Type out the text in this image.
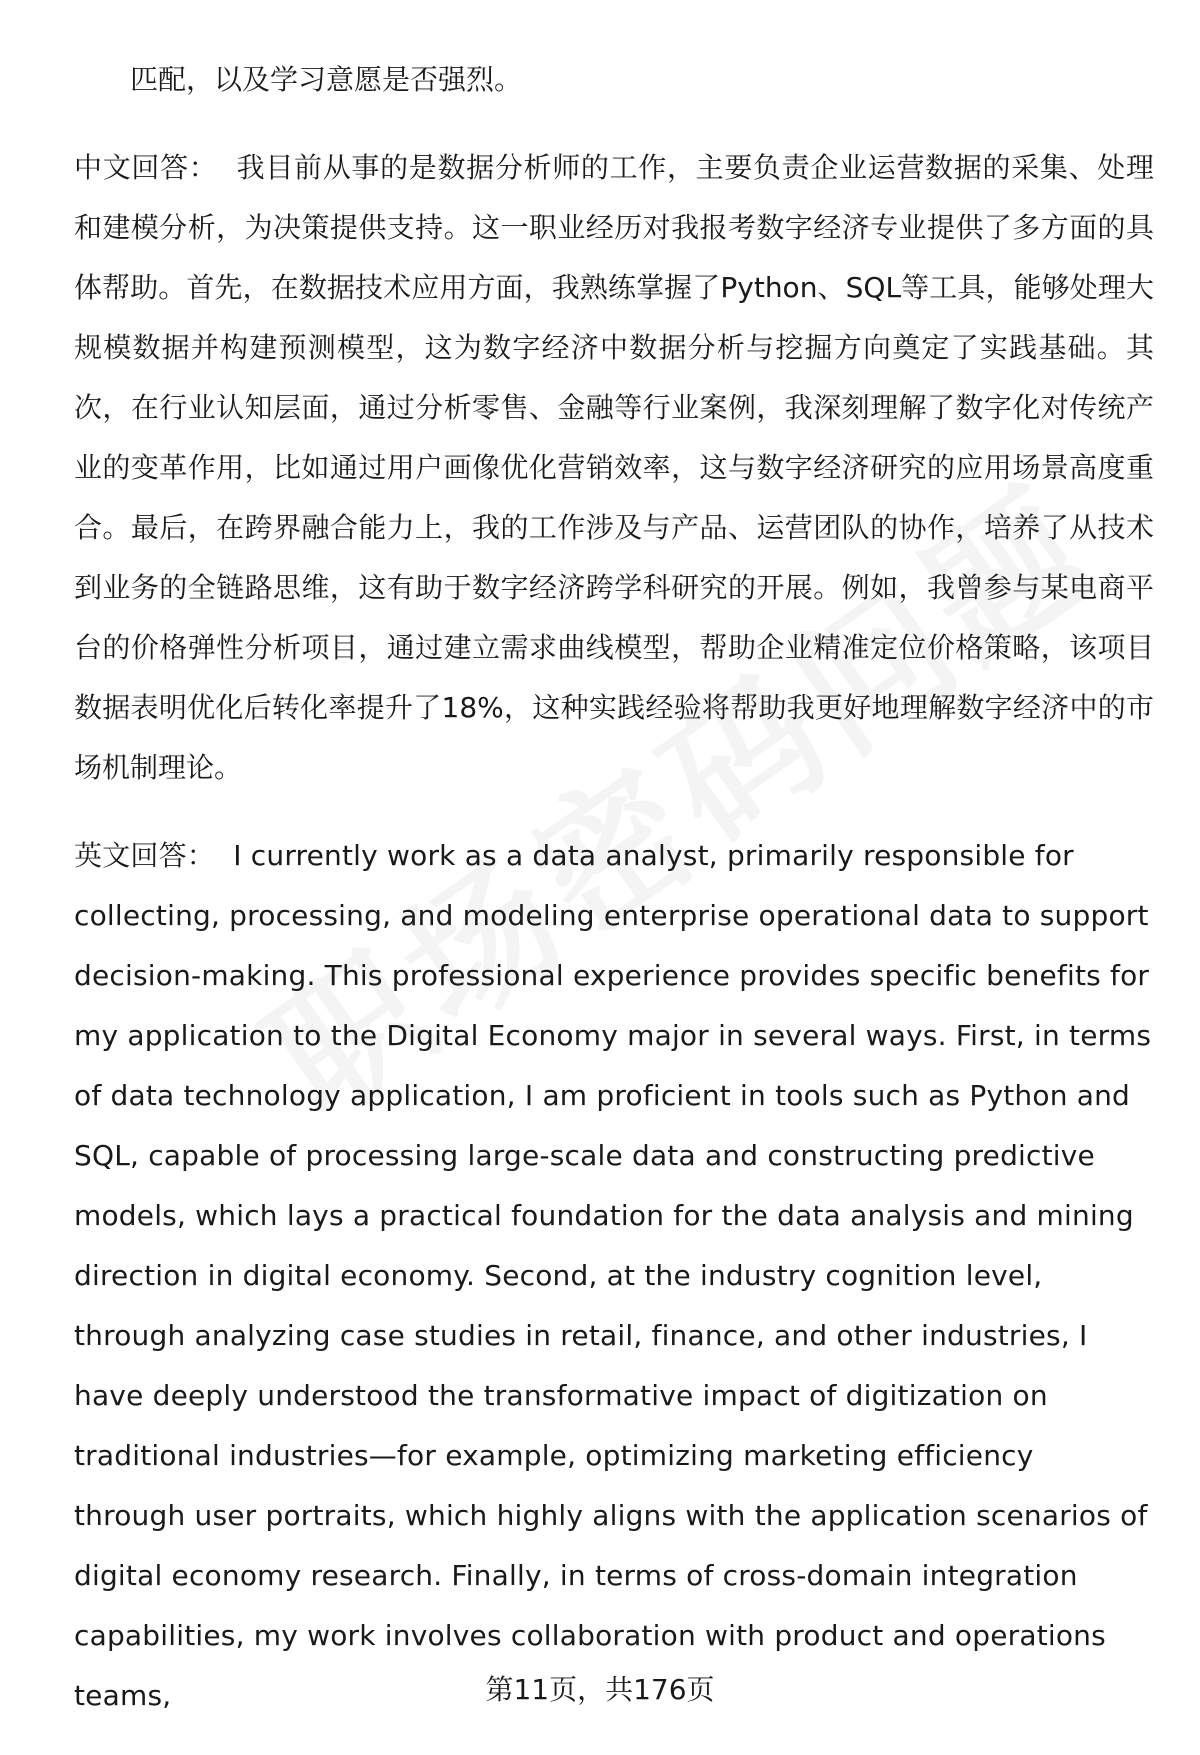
匹配，以及学习意愿是否强烈。

中文回答： 我目前从事的是数据分析师的工作，主要负责企业运营数据的采集、处理和建模分析，为决策提供支持。这一职业经历对我报考数字经济专业提供了多方面的具体帮助。首先，在数据技术应用方面，我熟练掌握了Python、SQL等工具，能够处理大规模数据并构建预测模型，这为数字经济中数据分析与挖掘方向奠定了实践基础。其次，在行业认知层面，通过分析零售、金融等行业案例，我深刻理解了数字化对传统产业的变革作用，比如通过用户画像优化营销效率，这与数字经济研究的应用场景高度重合。最后，在跨界融合能力上，我的工作涉及与产品、运营团队的协作，培养了从技术到业务的全链路思维，这有助于数字经济跨学科研究的开展。例如，我曾参与某电商平台的价格弹性分析项目，通过建立需求曲线模型，帮助企业精准定位价格策略，该项目数据表明优化后转化率提升了18%，这种实践经验将帮助我更好地理解数字经济中的市场机制理论。

英文回答： I currently work as a data analyst, primarily responsible for collecting, processing, and modeling enterprise operational data to support decision-making. This professional experience provides specific benefits for my application to the Digital Economy major in several ways. First, in terms of data technology application, I am proficient in tools such as Python and SQL, capable of processing large-scale data and constructing predictive models, which lays a practical foundation for the data analysis and mining direction in digital economy. Second, at the industry cognition level, through analyzing case studies in retail, finance, and other industries, I have deeply understood the transformative impact of digitization on traditional industries—for example, optimizing marketing efficiency through user portraits, which highly aligns with the application scenarios of digital economy research. Finally, in terms of cross-domain integration capabilities, my work involves collaboration with product and operations teams,	第11页，共176页
